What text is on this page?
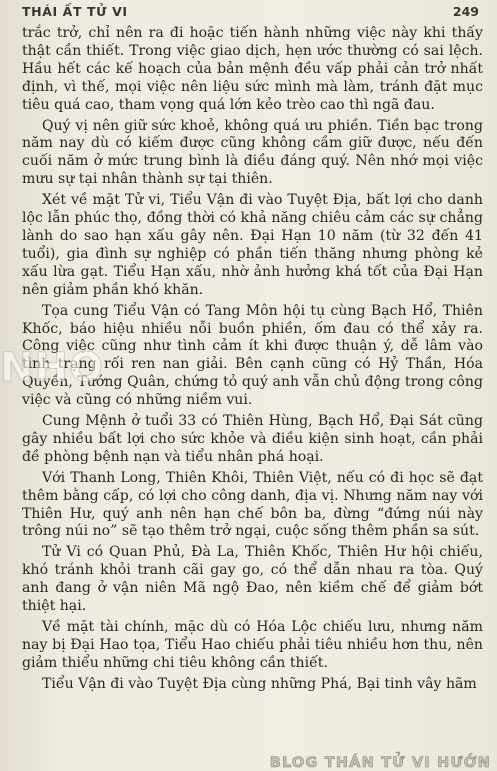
THÁI ẤT TỬ VI	249

trắc trở, chỉ nên ra đi hoặc tiến hành những việc này khi thấy thật cần thiết. Trong việc giao dịch, hẹn ước thường có sai lệch. Hầu hết các kế hoạch của bản mệnh đều vấp phải cản trở nhất định, vì thế, mọi việc nên liệu sức mình mà làm, tránh đặt mục tiêu quá cao, tham vọng quá lớn kẻo trèo cao thì ngã đau.

Quý vị nên giữ sức khoẻ, không quá ưu phiền. Tiền bạc trong năm nay dù có kiếm được cũng không cầm giữ được, nếu đến cuối năm ở mức trung bình là điều đáng quý. Nên nhớ mọi việc mưu sự tại nhân thành sự tại thiên.

Xét về mặt Tử vi, Tiểu Vận đi vào Tuyệt Địa, bất lợi cho danh lộc lẫn phúc thọ, đồng thời có khả năng chiêu cảm các sự chẳng lành do sao hạn xấu gây nên. Đại Hạn 10 năm (từ 32 đến 41 tuổi), gia đình sự nghiệp có phần tiến thăng nhưng phòng kẻ xấu lừa gạt. Tiểu Hạn xấu, nhờ ảnh hưởng khá tốt của Đại Hạn nên giảm phần khó khăn.

Tọa cung Tiểu Vận có Tang Môn hội tụ cùng Bạch Hổ, Thiên Khốc, báo hiệu nhiều nỗi buồn phiền, ốm đau có thể xảy ra. Công việc cũng như tình cảm ít khi được thuận ý, dễ lâm vào tình trạng rối ren nan giải. Bên cạnh cũng có Hỷ Thần, Hóa Quyền, Tướng Quân, chứng tỏ quý anh vẫn chủ động trong công việc và cũng có những niềm vui.

Cung Mệnh ở tuổi 33 có Thiên Hùng, Bạch Hổ, Đại Sát cũng gây nhiều bất lợi cho sức khỏe và điều kiện sinh hoạt, cần phải đề phòng bệnh nạn và tiểu nhân phá hoại.

Với Thanh Long, Thiên Khôi, Thiên Việt, nếu có đi học sẽ đạt thêm bằng cấp, có lợi cho công danh, địa vị. Nhưng năm nay với Thiên Hư, quý anh nên hạn chế bôn ba, đừng “đứng núi này trông núi no” sẽ tạo thêm trở ngại, cuộc sống thêm phần sa sút.

Tử Vi có Quan Phủ, Đà La, Thiên Khốc, Thiên Hư hội chiếu, khó tránh khỏi tranh cãi gay go, có thể dẫn nhau ra tòa. Quý anh đang ở vận niên Mã ngộ Đao, nên kiềm chế để giảm bớt thiệt hại.

Về mặt tài chính, mặc dù có Hóa Lộc chiếu lưu, nhưng năm nay bị Đại Hao tọa, Tiểu Hao chiếu phải tiêu nhiều hơn thu, nên giảm thiểu những chi tiêu không cần thiết.

Tiểu Vận đi vào Tuyệt Địa cùng những Phá, Bại tinh vây hãm

NHO
BLOG THÁN TỬ VI HƯỚN
